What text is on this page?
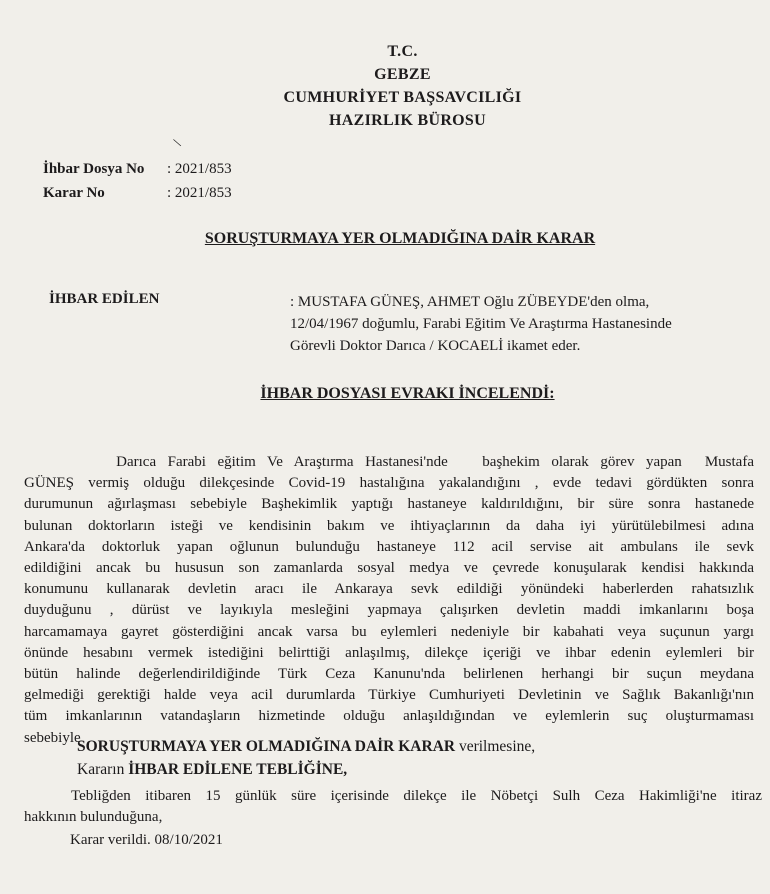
T.C.
GEBZE
CUMHURİYET BAŞSAVCILIĞI
HAZIRLIK BÜROSU
\
İhbar Dosya No : 2021/853
Karar No	: 2021/853
SORUŞTURMAYA YER OLMADIĞINA DAİR KARAR
İHBAR EDİLEN	: MUSTAFA GÜNEŞ, AHMET Oğlu ZÜBEYDE'den olma,
12/04/1967 doğumlu, Farabi Eğitim Ve Araştırma Hastanesinde
Görevli Doktor Darıca / KOCAELİ ikamet eder.
İHBAR DOSYASI EVRAKI İNCELENDİ:
Darıca Farabi eğitim Ve Araştırma Hastanesi'nde   başhekim olarak görev yapan  Mustafa
GÜNEŞ vermiş olduğu dilekçesinde Covid-19 hastalığına yakalandığını , evde tedavi gördükten sonra
durumunun ağırlaşması sebebiyle Başhekimlik yaptığı hastaneye kaldırıldığını, bir süre sonra hastanede
bulunan doktorların isteği ve kendisinin bakım ve ihtiyaçlarının da daha iyi yürütülebilmesi adına
Ankara'da doktorluk yapan oğlunun bulunduğu hastaneye 112 acil servise ait ambulans ile sevk
edildiğini ancak bu hususun son zamanlarda sosyal medya ve çevrede konuşularak kendisi hakkında
konumunu kullanarak devletin aracı ile Ankaraya sevk edildiği yönündeki haberlerden rahatsızlık
duyduğunu , dürüst ve layıkıyla mesleğini yapmaya çalışırken devletin maddi imkanlarını boşa
harcamamaya gayret gösterdiğini ancak varsa bu eylemleri nedeniyle bir kabahati veya suçunun yargı
önünde hesabını vermek istediğini belirttiği anlaşılmış, dilekçe içeriği ve ihbar edenin eylemleri bir
bütün halinde değerlendirildiğinde Türk Ceza Kanunu'nda belirlenen herhangi bir suçun meydana
gelmediği gerektiği halde veya acil durumlarda Türkiye Cumhuriyeti Devletinin ve Sağlık Bakanlığı'nın
tüm imkanlarının vatandaşların hizmetinde olduğu anlaşıldığından ve eylemlerin suç oluşturmaması
sebebiyle
SORUŞTURMAYA YER OLMADIĞINA DAİR KARAR verilmesine,
Kararın İHBAR EDİLENE TEBLİĞİNE,
Tebliğden itibaren 15 günlük süre içerisinde dilekçe ile Nöbetçi Sulh Ceza Hakimliği'ne itiraz
hakkının bulunduğuna,
Karar verildi. 08/10/2021
